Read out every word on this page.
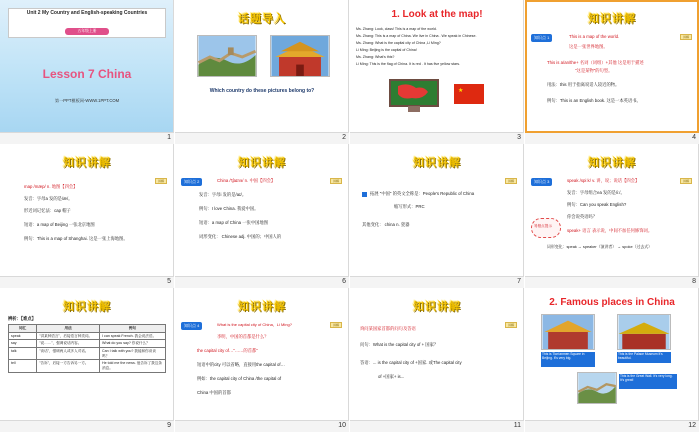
Unit 2 My Country and English-speaking Countries
五年级上册
Lesson 7 China
第一PPT模板网-WWW.1PPT.COM
1
话题导入
Which country do these pictures belong to?
2
1. Look at the map!
Ms. Zhang: Look, class! This is a map of the world.
Ms. Zhang: This is a map of China. We live in China . We speak in Chinese.
Ms. Zhang: What is the capital city of China ,Li Ming?
Li Ming: Beijing is the capital of China!
Ms. Zhang: What's this?
Li Ming: This is the flag of China. It is red . It has five yellow stars.
★
3
知识讲解
讲解
知识点 1	This is a map of the world.
这是一张世界地图。
This is a/an/the+ 名词（词组）+其他 这是用于描述
"这是某物"的句型。
用法：this 用于指离说话人较近的物。
例句：This is an English book. 这是一本英语书。
4
知识讲解
讲解
map /mæp/ n. 地图【四会】
发音：字母a 发的是/æ/。
形近词记忆法：cap 帽子
短语：a map of Beijing 一张北京地图
例句：This is a map of Shanghai. 这是一张上海地图。
5
知识讲解
讲解
知识点 2	China /'tʃaɪnə/ n. 中国【四会】
发音：字母i 发的是/aɪ/。
例句：I love China. 我爱中国。
短语：a map of China 一张中国地图
词形变化： Chinese adj. 中国的；中国人的
6
知识讲解
讲解
拓展 "中国" 的英文全称是：People's Republic of China
缩写形式：PRC
其他变化： china n. 瓷器
7
知识讲解
讲解
知识点 3	speak /spiːk/ v. 讲，说；说话【四会】
发音：字母组合ea 发的是/iː/。
例句：Can you speak English?
你会说英语吗？
易错点提示
speak+ 语言 表示说，中间不加任何修饰词。
词形变化：speak → speaker（演讲者） → spoke（过去式）
8
知识讲解
辨析：【难点】
词汇	用法	例句
speak	"讲某种语言"，后接语言种类词。	I can speak French. 我会说法语。
say	"说……"，强调说话内容。	What do you say? 你说什么？
talk	"谈话"，强调两人或多人对话。	Can I talk with you? 我能和你谈谈吗？
tell	"告诉"，后接一方告诉另一方。	He told me the news. 他告诉了我这条消息。
9
知识讲解
讲解
知识点 4	What is the capital city of China，Li Ming?
李明，中国的首都是什么？
the capital city of…"……的首都"
短语中的city 可以省略，直接用the capital of…
例如：the capital city of China /the capital of
China 中国的首都
10
知识讲解
讲解
询问某国家首都的问句及答语
问句：What is the capital city of + 国家？
答语：... is the capital city of +国家. 或The capital city
of +国家+ is...
11
2. Famous places in China
This is Tian'anmen Square in Beijing. It's very big.
This is the Palace Museum It's beautiful.
This is the Great Wall. It's very long. It's great!
12
